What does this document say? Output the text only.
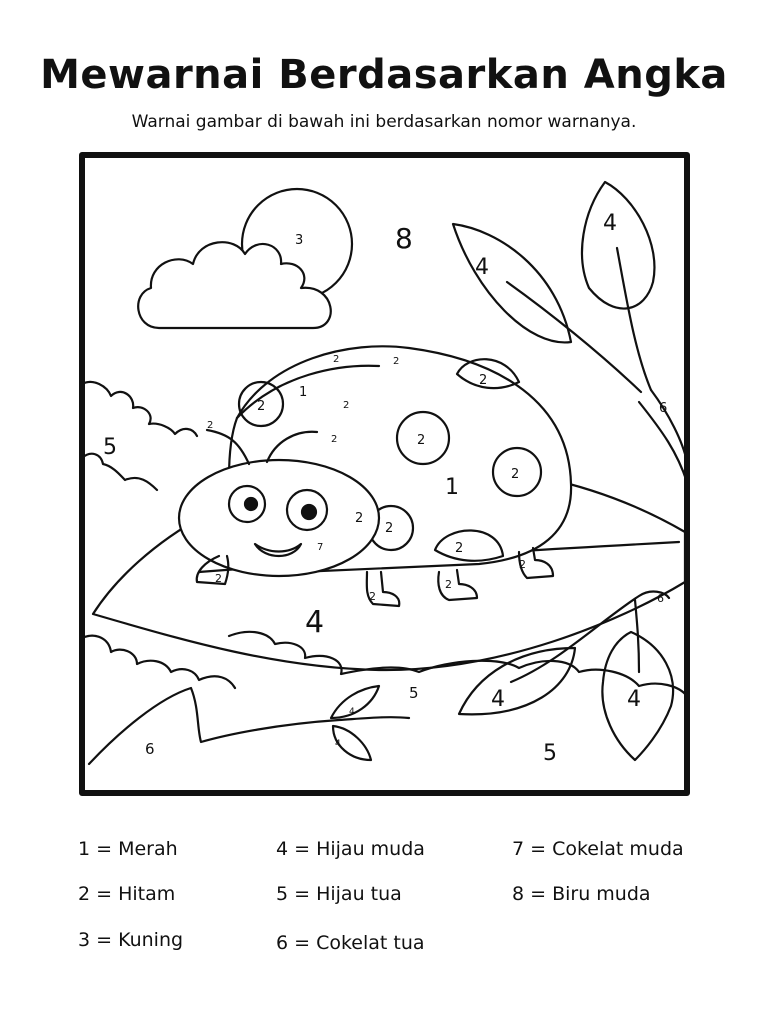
Mewarnai Berdasarkan Angka
Warnai gambar di bawah ini berdasarkan nomor warnanya.
8
3
4
4
6
5
1
1
2
2
2
2
2
2
2
2	2
2
2
2
2
2
2
2
7
4
4	4
4
4
5
5
6
6
1 = Merah
2 = Hitam
3 = Kuning
4 = Hijau muda
5 = Hijau tua
6 = Cokelat tua
7 = Cokelat muda
8 = Biru muda
